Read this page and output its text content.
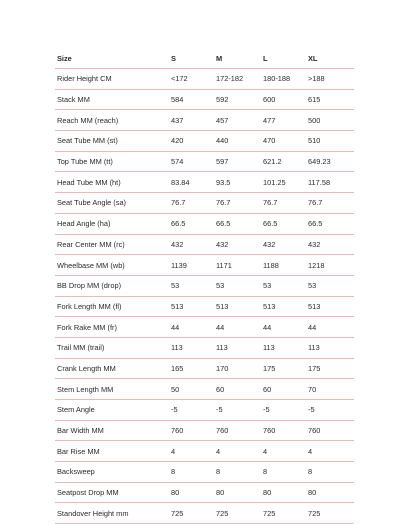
Size	S	M	L	XL
Rider Height CM	<172	172-182	180-188	>188
Stack MM	584	592	600	615
Reach MM (reach)	437	457	477	500
Seat Tube MM (st)	420	440	470	510
Top Tube MM (tt)	574	597	621.2	649.23
Head Tube MM (ht)	83.84	93.5	101.25	117.58
Seat Tube Angle (sa)	76.7	76.7	76.7	76.7
Head Angle (ha)	66.5	66.5	66.5	66.5
Rear Center MM (rc)	432	432	432	432
Wheelbase MM (wb)	1139	1171	1188	1218
BB Drop MM (drop)	53	53	53	53
Fork Length MM (fl)	513	513	513	513
Fork Rake MM (fr)	44	44	44	44
Trail MM (trail)	113	113	113	113
Crank Length MM	165	170	175	175
Stem Length MM	50	60	60	70
Stem Angle	-5	-5	-5	-5
Bar Width MM	760	760	760	760
Bar Rise MM	4	4	4	4
Backsweep	8	8	8	8
Seatpost Drop MM	80	80	80	80
Standover Height mm	725	725	725	725
